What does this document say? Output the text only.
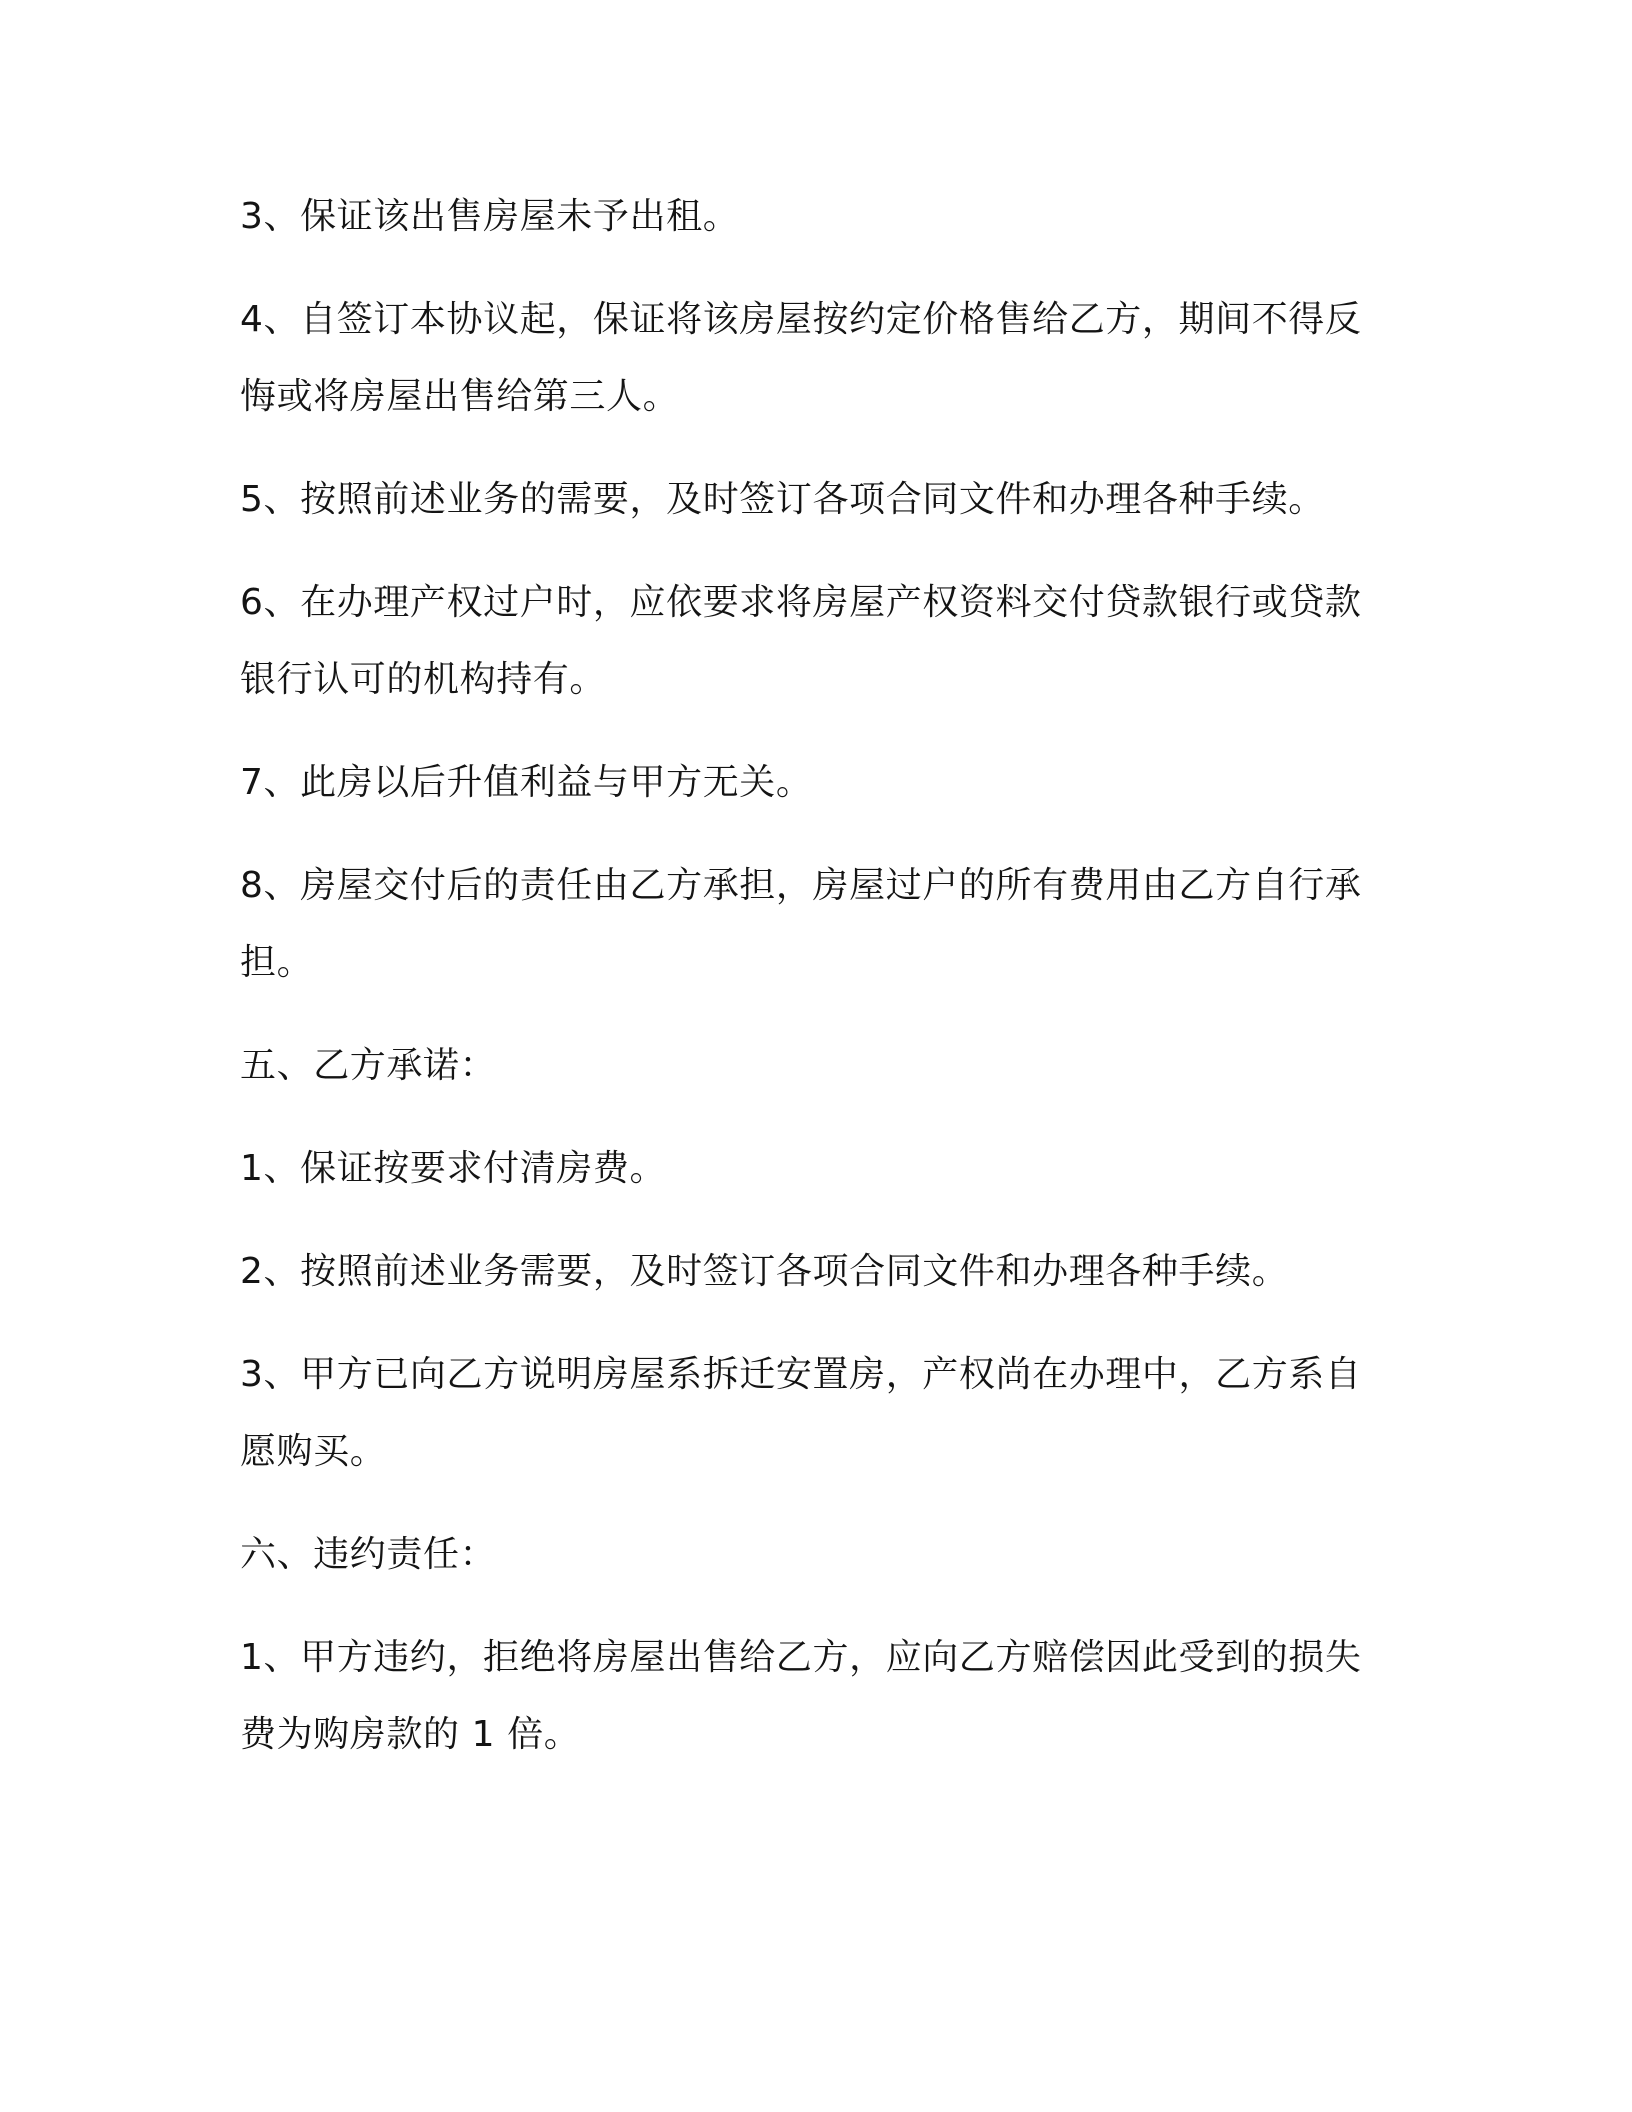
3、保证该出售房屋未予出租。
4、自签订本协议起，保证将该房屋按约定价格售给乙方，期间不得反
悔或将房屋出售给第三人。
5、按照前述业务的需要，及时签订各项合同文件和办理各种手续。
6、在办理产权过户时，应依要求将房屋产权资料交付贷款银行或贷款
银行认可的机构持有。
7、此房以后升值利益与甲方无关。
8、房屋交付后的责任由乙方承担，房屋过户的所有费用由乙方自行承
担。
五、乙方承诺：
1、保证按要求付清房费。
2、按照前述业务需要，及时签订各项合同文件和办理各种手续。
3、甲方已向乙方说明房屋系拆迁安置房，产权尚在办理中，乙方系自
愿购买。
六、违约责任：
1、甲方违约，拒绝将房屋出售给乙方，应向乙方赔偿因此受到的损失
费为购房款的 1 倍。
